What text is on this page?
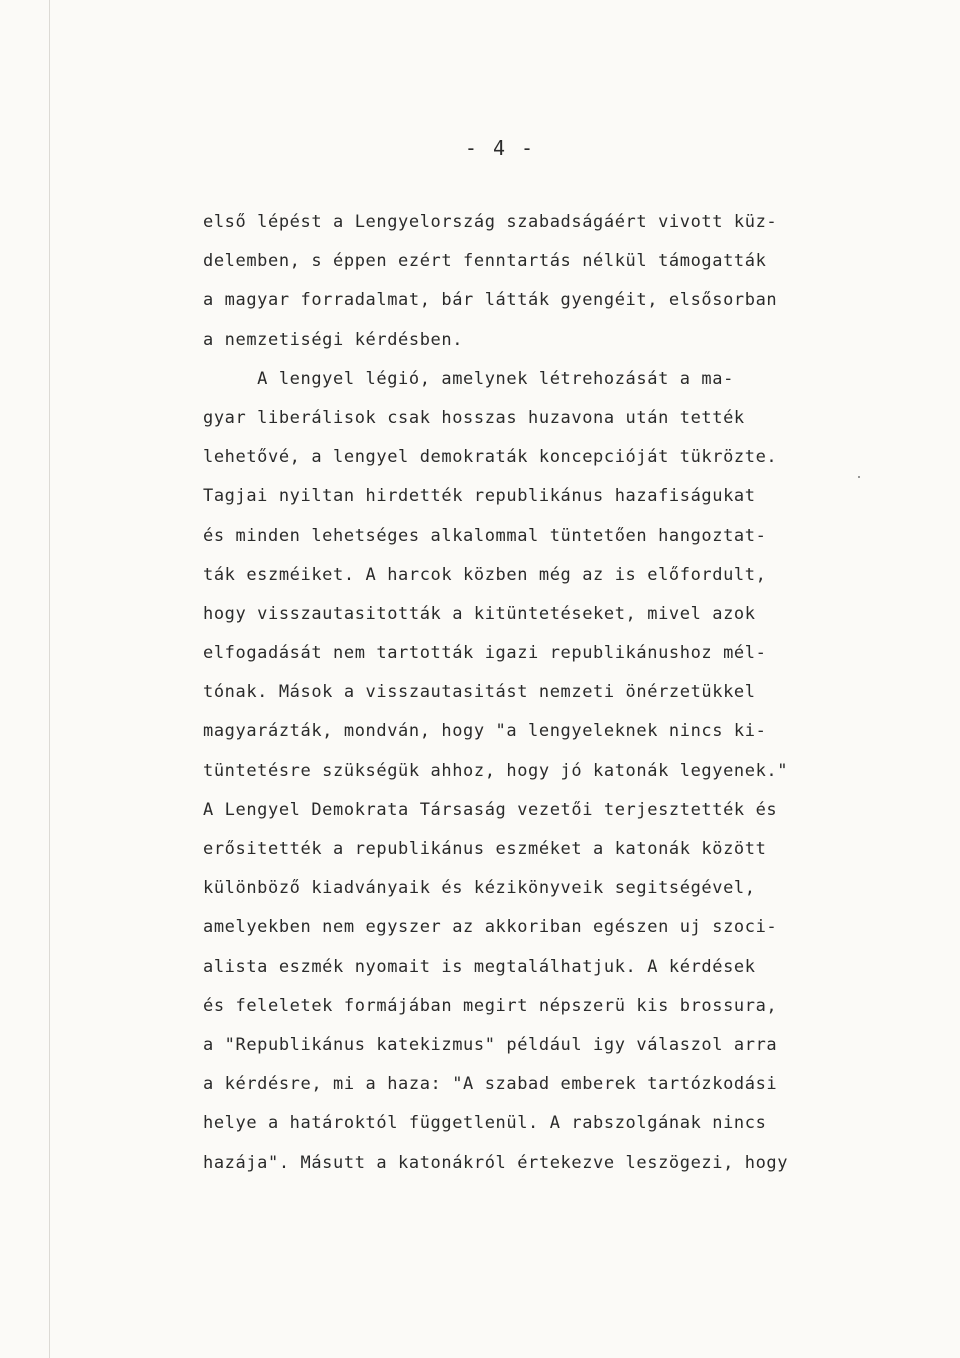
- 4 -
első lépést a Lengyelország szabadságáért vivott küz-
delemben, s éppen ezért fenntartás nélkül támogatták
a magyar forradalmat, bár látták gyengéit, elsősorban
a nemzetiségi kérdésben.
A lengyel légió, amelynek létrehozását a ma-
gyar liberálisok csak hosszas huzavona után tették
lehetővé, a lengyel demokraták koncepcióját tükrözte.
Tagjai nyiltan hirdették republikánus hazafiságukat
és minden lehetséges alkalommal tüntetően hangoztat-
ták eszméiket. A harcok közben még az is előfordult,
hogy visszautasitották a kitüntetéseket, mivel azok
elfogadását nem tartották igazi republikánushoz mél-
tónak. Mások a visszautasitást nemzeti önérzetükkel
magyarázták, mondván, hogy "a lengyeleknek nincs ki-
tüntetésre szükségük ahhoz, hogy jó katonák legyenek."
A Lengyel Demokrata Társaság vezetői terjesztették és
erősitették a republikánus eszméket a katonák között
különböző kiadványaik és kézikönyveik segitségével,
amelyekben nem egyszer az akkoriban egészen uj szoci-
alista eszmék nyomait is megtalálhatjuk. A kérdések
és feleletek formájában megirt népszerü kis brossura,
a "Republikánus katekizmus" például igy válaszol arra
a kérdésre, mi a haza: "A szabad emberek tartózkodási
helye a határoktól függetlenül. A rabszolgának nincs
hazája". Másutt a katonákról értekezve leszögezi, hogy
